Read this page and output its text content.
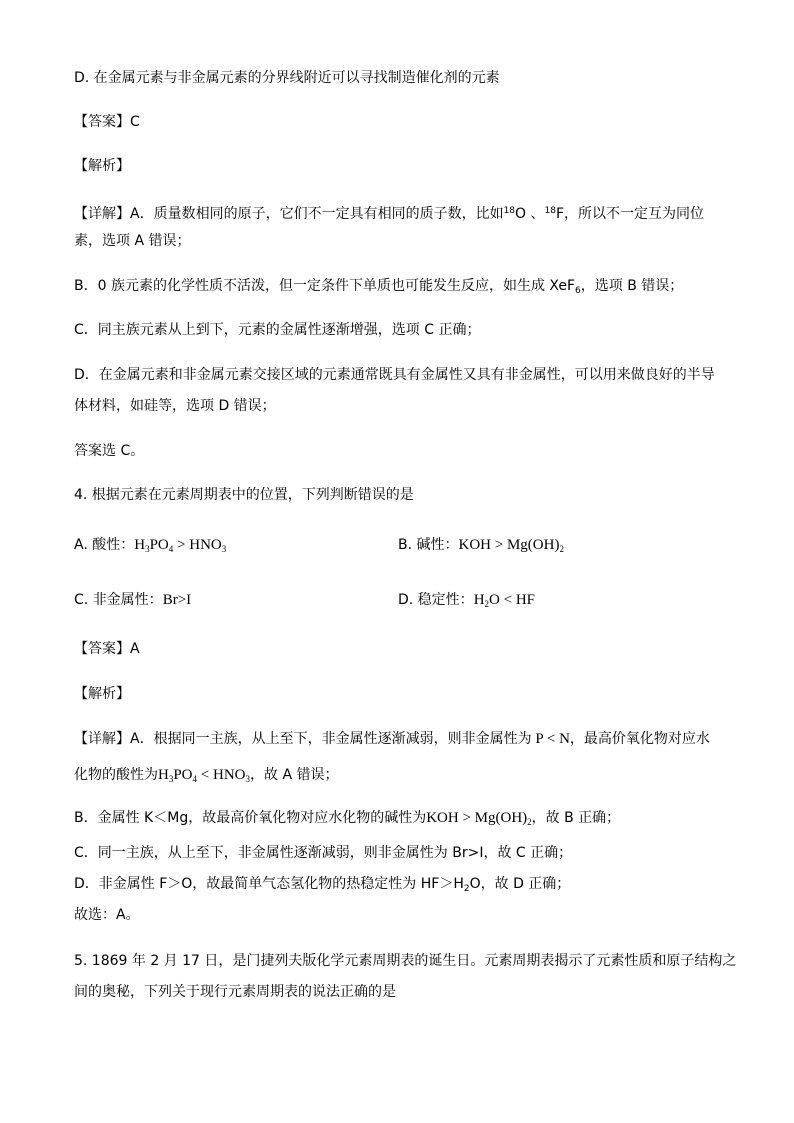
D. 在金属元素与非金属元素的分界线附近可以寻找制造催化剂的元素
【答案】C
【解析】
【详解】A．质量数相同的原子，它们不一定具有相同的质子数，比如$^{18}$O 、$^{18}$F，所以不一定互为同位
素，选项 A 错误；
B．0 族元素的化学性质不活泼，但一定条件下单质也可能发生反应，如生成 XeF$_6$，选项 B 错误；
C．同主族元素从上到下，元素的金属性逐渐增强，选项 C 正确；
D．在金属元素和非金属元素交接区域的元素通常既具有金属性又具有非金属性，可以用来做良好的半导
体材料，如硅等，选项 D 错误；
答案选 C。
4. 根据元素在元素周期表中的位置，下列判断错误的是
A. 酸性：$H_3PO_4 > HNO_3$	B. 碱性：KOH > $Mg(OH)_2$
C. 非金属性：Br>I	D. 稳定性：$H_2O$ < HF
【答案】A
【解析】
【详解】A．根据同一主族，从上至下，非金属性逐渐减弱，则非金属性为 P < N，最高价氧化物对应水
化物的酸性为$H_3PO_4 < HNO_3$，故 A 错误；
B．金属性 K＜Mg，故最高价氧化物对应水化物的碱性为KOH > $Mg(OH)_2$，故 B 正确；
C．同一主族，从上至下，非金属性逐渐减弱，则非金属性为 Br>I，故 C 正确；
D．非金属性 F＞O，故最简单气态氢化物的热稳定性为 $HF>H_2O$，故 D 正确；
故选：A。
5. 1869 年 2 月 17 日，是门捷列夫版化学元素周期表的诞生日。元素周期表揭示了元素性质和原子结构之
间的奥秘，下列关于现行元素周期表的说法正确的是
